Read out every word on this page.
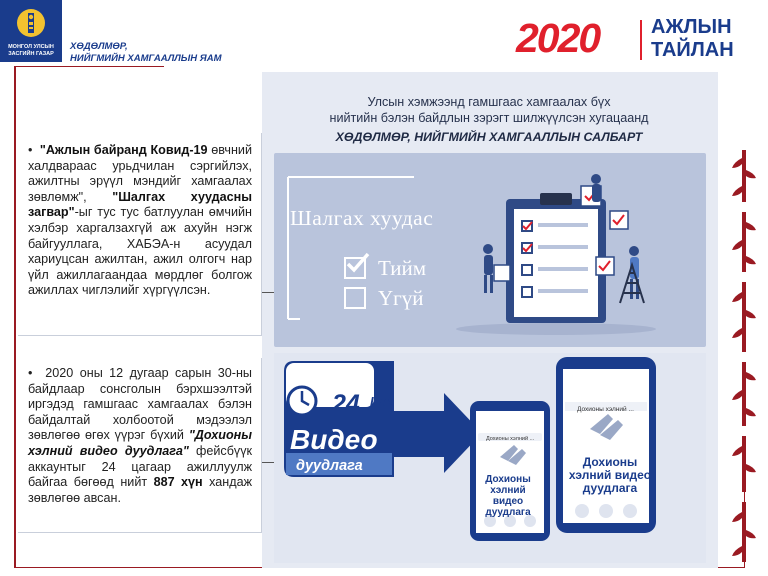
МОНГОЛ УЛСЫН ЗАСГИЙН ГАЗАР
ХӨДӨЛМӨР,
НИЙГМИЙН ХАМГААЛЛЫН ЯАМ	2020	АЖЛЫН
ТАЙЛАН
•  "Ажлын байранд Ковид-19 өвчний халдвараас урьдчилан сэргийлэх, ажилтны эрүүл мэндийг хамгаалах зөвлөмж", "Шалгах хуудасны загвар"-ыг тус тус батлуулан өмчийн хэлбэр харгалзахгүй аж ахуйн нэгж байгууллага, ХАБЭА-н асуудал хариуцсан ажилтан, ажил олгогч нар үйл ажиллагаандаа мөрдлөг болгож ажиллах чиглэлийг хүргүүлсэн.
•  2020 оны 12 дугаар сарын 30-ны байдлаар сонсголын бэрхшээлтэй иргэдэд гамшгаас хамгаалах бэлэн байдалтай холбоотой мэдээлэл зөвлөгөө өгөх үүрэг бүхий "Дохионы хэлний видео дуудлага" фейсбүүк аккаунтыг 24 цагаар ажиллуулж байгаа бөгөөд нийт 887 хүн хандаж зөвлөгөө авсан.
Улсын хэмжээнд гамшгаас хамгаалах бүх
нийтийн бэлэн байдлын зэрэгт шилжүүлсэн хугацаанд
ХӨДӨЛМӨР, НИЙГМИЙН ХАМГААЛЛЫН САЛБАРТ
Шалгах хуудас
Тийм
Үгүй
24 Цаг
Видео
дуудлага
Дохионы хэлний ...
Дохионы хэлний ...
Дохионы
хэлний видео
дуудлага
Дохионы
хэлний видео
дуудлага
